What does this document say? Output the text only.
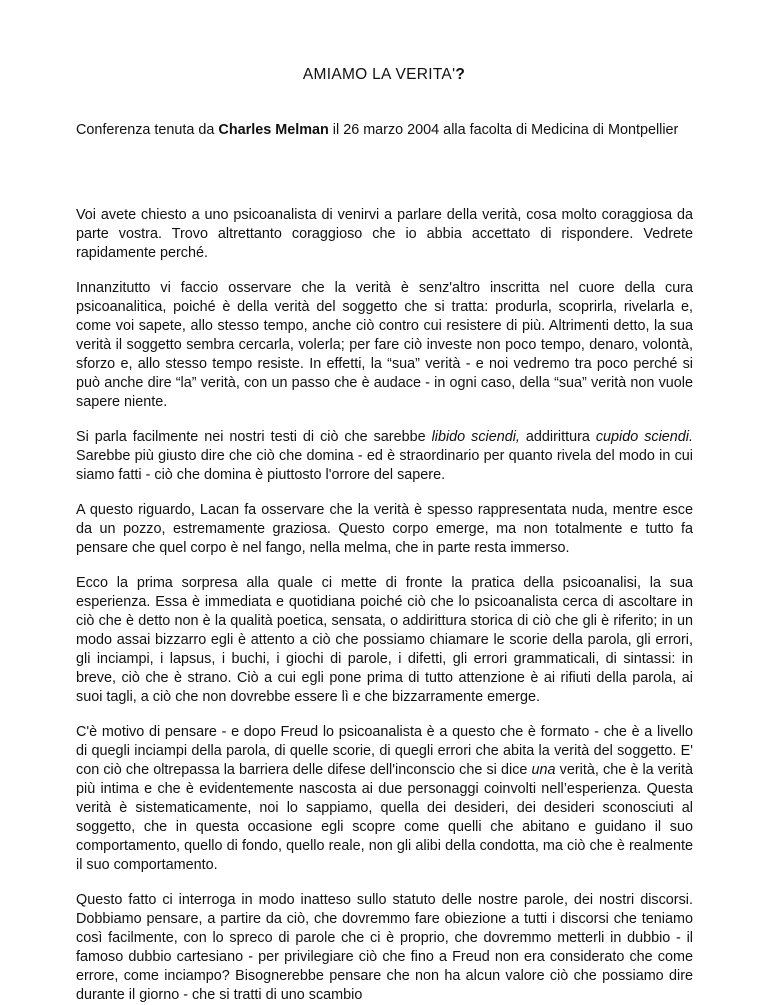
AMIAMO LA VERITA'?
Conferenza tenuta da Charles Melman il 26 marzo 2004 alla facolta di Medicina di Montpellier

Voi avete chiesto a uno psicoanalista di venirvi a parlare della verità, cosa molto coraggiosa da parte vostra. Trovo altrettanto coraggioso che io abbia accettato di rispondere. Vedrete rapidamente perché.

Innanzitutto vi faccio osservare che la verità è senz'altro inscritta nel cuore della cura psicoanalitica, poiché è della verità del soggetto che si tratta: produrla, scoprirla, rivelarla e, come voi sapete, allo stesso tempo, anche ciò contro cui resistere di più. Altrimenti detto, la sua verità il soggetto sembra cercarla, volerla; per fare ciò investe non poco tempo, denaro, volontà, sforzo e, allo stesso tempo resiste. In effetti, la “sua” verità - e noi vedremo tra poco perché si può anche dire “la” verità, con un passo che è audace - in ogni caso, della “sua” verità non vuole sapere niente.

Si parla facilmente nei nostri testi di ciò che sarebbe libido sciendi, addirittura cupido sciendi. Sarebbe più giusto dire che ciò che domina - ed è straordinario per quanto rivela del modo in cui siamo fatti - ciò che domina è piuttosto l'orrore del sapere.

A questo riguardo, Lacan fa osservare che la verità è spesso rappresentata nuda, mentre esce da un pozzo, estremamente graziosa. Questo corpo emerge, ma non totalmente e tutto fa pensare che quel corpo è nel fango, nella melma, che in parte resta immerso.

Ecco la prima sorpresa alla quale ci mette di fronte la pratica della psicoanalisi, la sua esperienza. Essa è immediata e quotidiana poiché ciò che lo psicoanalista cerca di ascoltare in ciò che è detto non è la qualità poetica, sensata, o addirittura storica di ciò che gli è riferito; in un modo assai bizzarro egli è attento a ciò che possiamo chiamare le scorie della parola, gli errori, gli inciampi, i lapsus, i buchi, i giochi di parole, i difetti, gli errori grammaticali, di sintassi: in breve, ciò che è strano. Ciò a cui egli pone prima di tutto attenzione è ai rifiuti della parola, ai suoi tagli, a ciò che non dovrebbe essere lì e che bizzarramente emerge.

C'è motivo di pensare - e dopo Freud lo psicoanalista è a questo che è formato - che è a livello di quegli inciampi della parola, di quelle scorie, di quegli errori che abita la verità del soggetto. E' con ciò che oltrepassa la barriera delle difese dell'inconscio che si dice una verità, che è la verità più intima e che è evidentemente nascosta ai due personaggi coinvolti nell’esperienza. Questa verità è sistematicamente, noi lo sappiamo, quella dei desideri, dei desideri sconosciuti al soggetto, che in questa occasione egli scopre come quelli che abitano e guidano il suo comportamento, quello di fondo, quello reale, non gli alibi della condotta, ma ciò che è realmente il suo comportamento.

Questo fatto ci interroga in modo inatteso sullo statuto delle nostre parole, dei nostri discorsi. Dobbiamo pensare, a partire da ciò, che dovremmo fare obiezione a tutti i discorsi che teniamo così facilmente, con lo spreco di parole che ci è proprio, che dovremmo metterli in dubbio - il famoso dubbio cartesiano - per privilegiare ciò che fino a Freud non era considerato che come errore, come inciampo? Bisognerebbe pensare che non ha alcun valore ciò che possiamo dire durante il giorno - che si tratti di uno scambio
